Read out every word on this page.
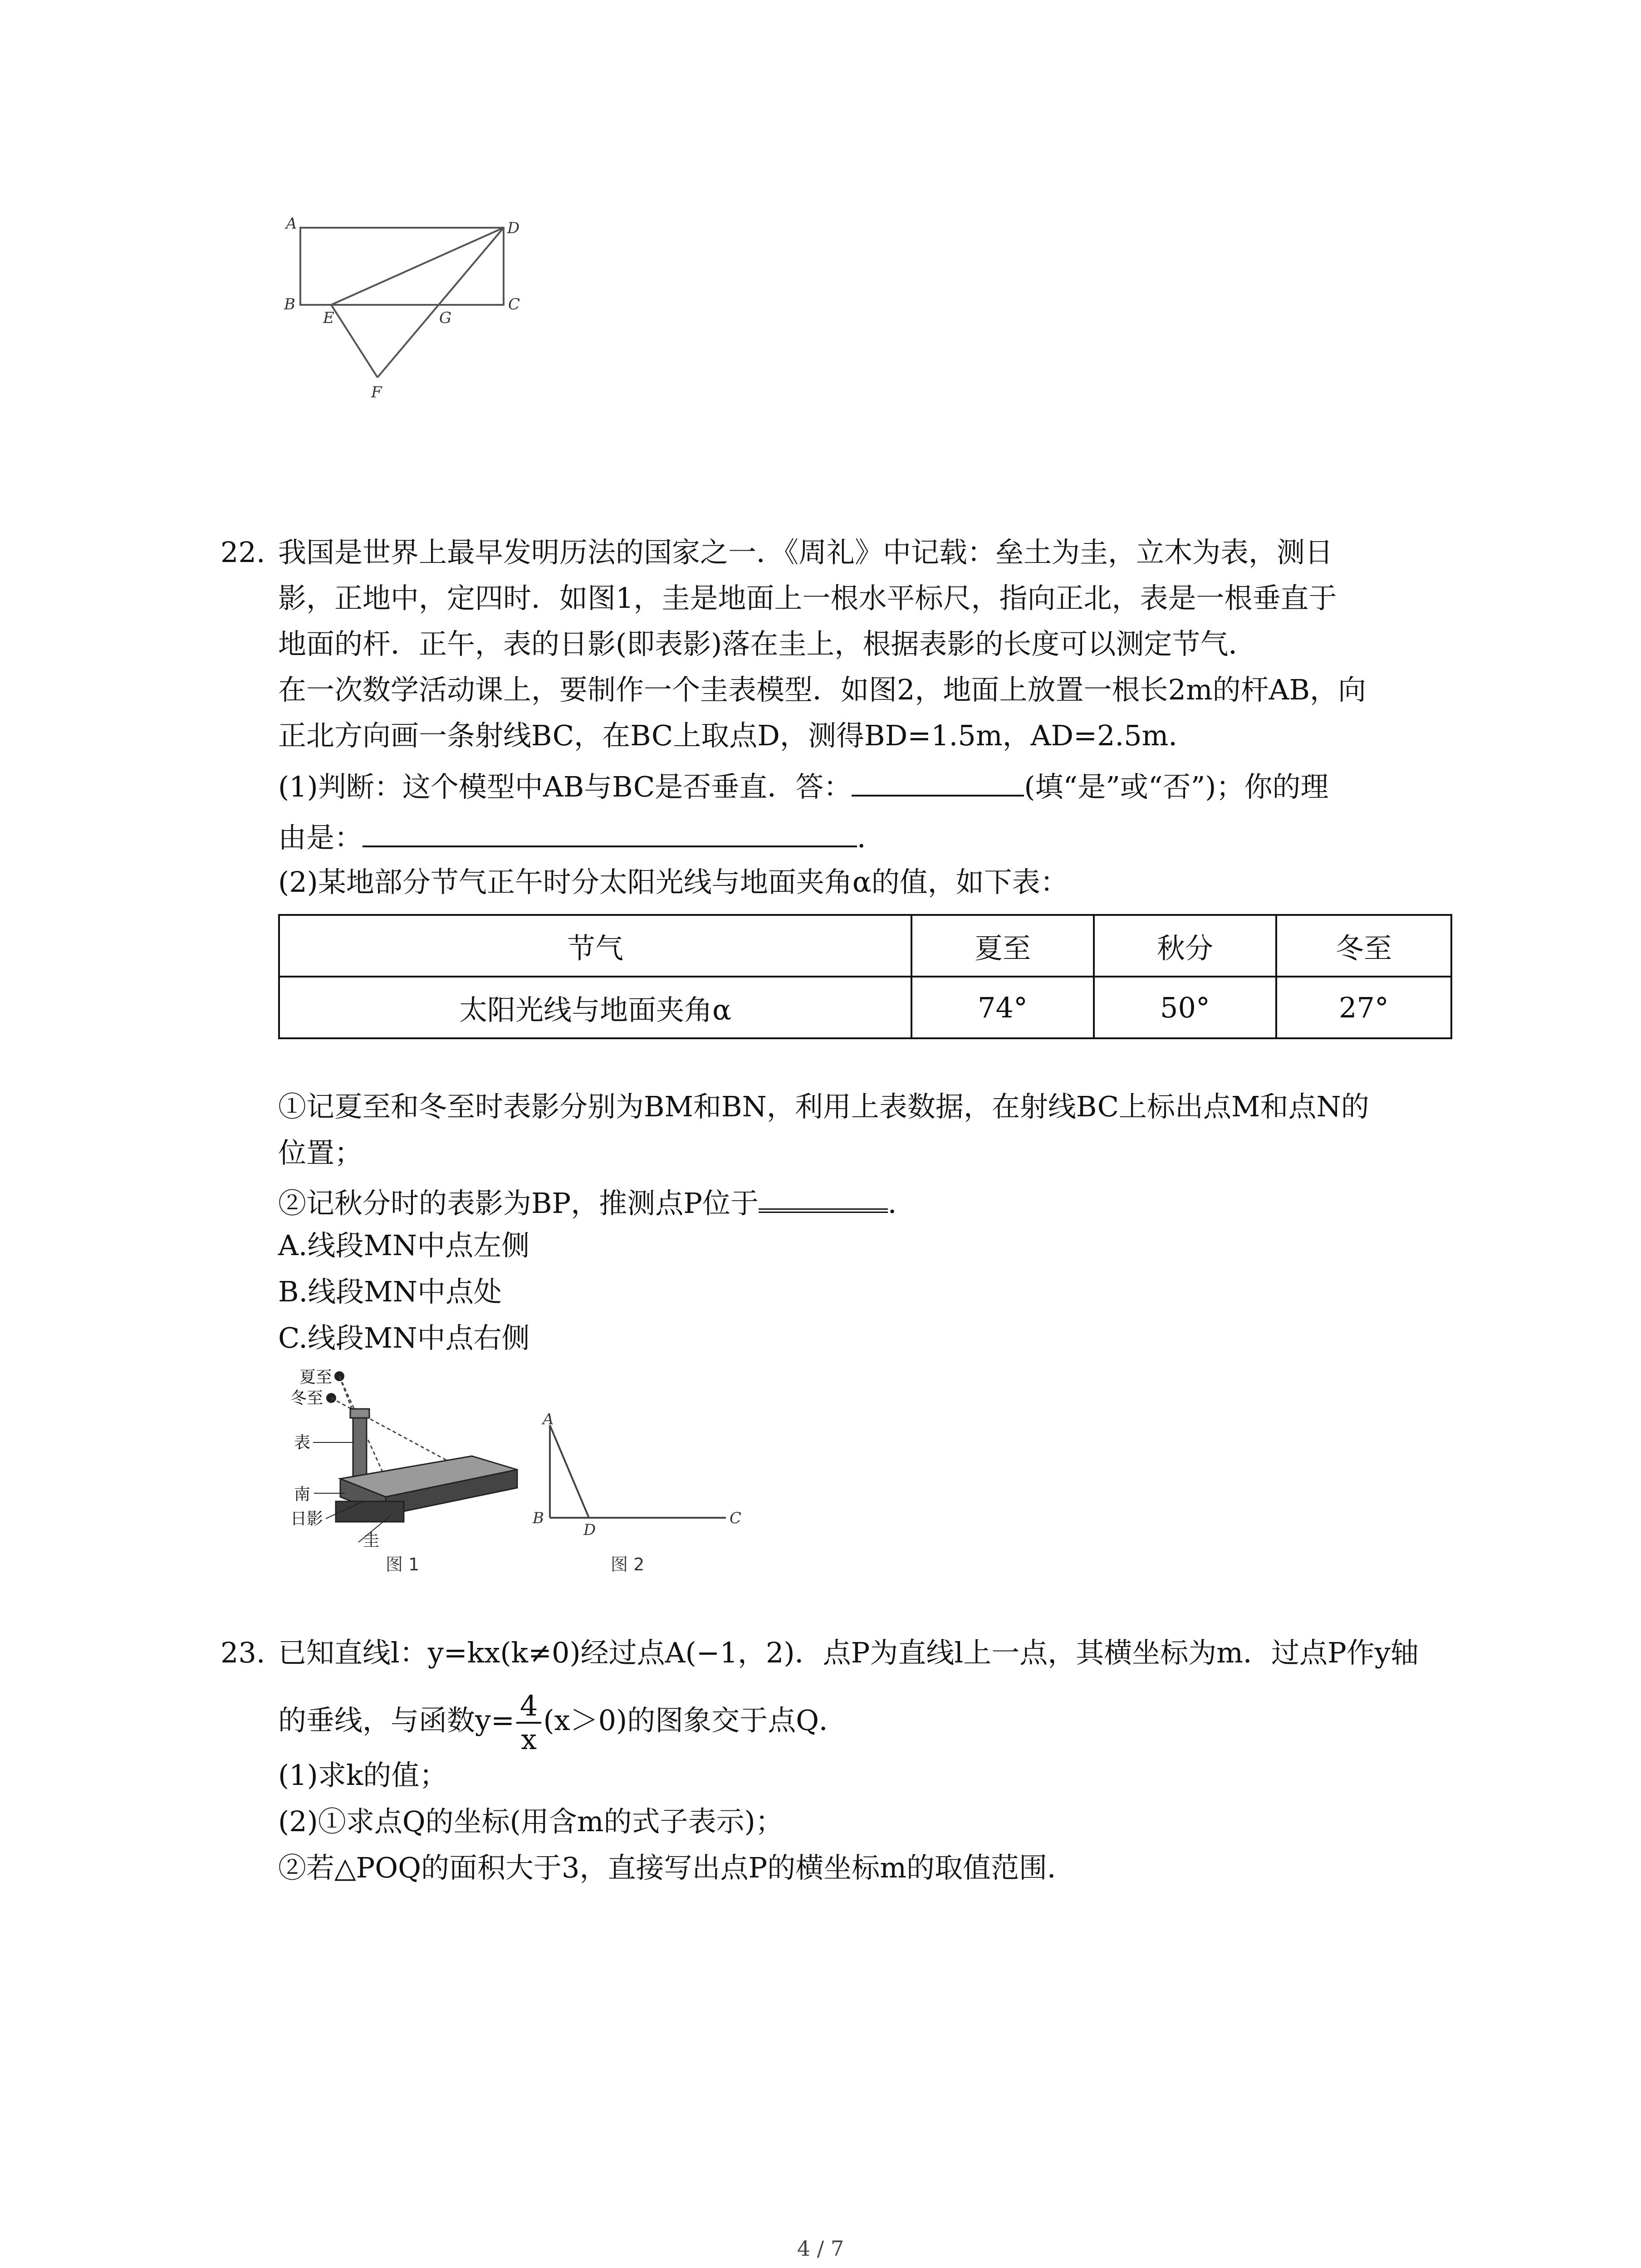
A	D
B
E	G
C
F
22. 我国是世界上最早发明历法的国家之一．《周礼》中记载：垒土为圭，立木为表，测日
影，正地中，定四时．如图1，圭是地面上一根水平标尺，指向正北，表是一根垂直于
地面的杆．正午，表的日影(即表影)落在圭上，根据表影的长度可以测定节气．
在一次数学活动课上，要制作一个圭表模型．如图2，地面上放置一根长2m的杆AB，向
正北方向画一条射线BC，在BC上取点D，测得BD=1.5m，AD=2.5m．
(1)判断：这个模型中AB与BC是否垂直．答：	(填“是”或“否”)；你的理
由是：	．
(2)某地部分节气正午时分太阳光线与地面夹角α的值，如下表：
节气	夏至	秋分	冬至
太阳光线与地面夹角α	74°	50°	27°
①记夏至和冬至时表影分别为BM和BN，利用上表数据，在射线BC上标出点M和点N的
位置；
②记秋分时的表影为BP，推测点P位于	．
A.线段MN中点左侧
B.线段MN中点处
C.线段MN中点右侧
夏至
冬至
表
南
日影
圭
图 1
A
B
D
C
图 2
23. 已知直线l：y=kx(k≠0)经过点A(−1，2)．点P为直线l上一点，其横坐标为m．过点P作y轴
的垂线，与函数$y= \frac{4}{x} (x>0)$的图象交于点Q．
(1)求k的值；
(2)①求点Q的坐标(用含m的式子表示)；
②若△POQ的面积大于3，直接写出点P的横坐标m的取值范围．
4 / 7
